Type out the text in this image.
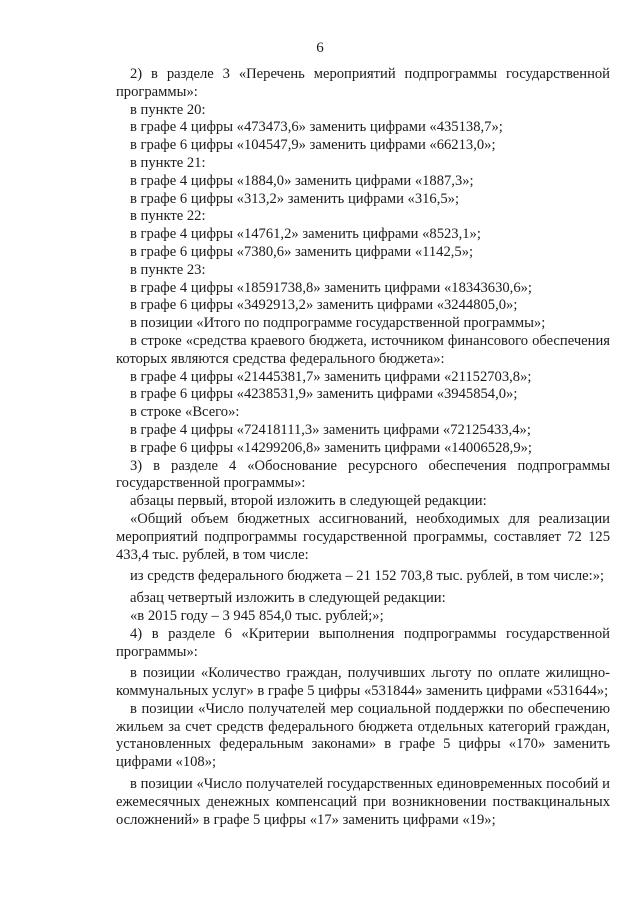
6

2) в разделе 3 «Перечень мероприятий подпрограммы государственной программы»:

в пункте 20:

в графе 4 цифры «473473,6» заменить цифрами «435138,7»;

в графе 6 цифры «104547,9» заменить цифрами «66213,0»;

в пункте 21:

в графе 4 цифры «1884,0» заменить цифрами «1887,3»;

в графе 6 цифры «313,2» заменить цифрами «316,5»;

в пункте 22:

в графе 4 цифры «14761,2» заменить цифрами «8523,1»;

в графе 6 цифры «7380,6» заменить цифрами «1142,5»;

в пункте 23:

в графе 4 цифры «18591738,8» заменить цифрами «18343630,6»;

в графе 6 цифры «3492913,2» заменить цифрами «3244805,0»;

в позиции «Итого по подпрограмме государственной программы»;

в строке «средства краевого бюджета, источником финансового обеспечения которых являются средства федерального бюджета»:

в графе 4 цифры «21445381,7» заменить цифрами «21152703,8»;

в графе 6 цифры «4238531,9» заменить цифрами «3945854,0»;

в строке «Всего»:

в графе 4 цифры «72418111,3» заменить цифрами «72125433,4»;

в графе 6 цифры «14299206,8» заменить цифрами «14006528,9»;

3) в разделе 4 «Обоснование ресурсного обеспечения подпрограммы государственной программы»:

абзацы первый, второй изложить в следующей редакции:

«Общий объем бюджетных ассигнований, необходимых для реализации мероприятий подпрограммы государственной программы, составляет 72 125 433,4 тыс. рублей, в том числе:

из средств федерального бюджета – 21 152 703,8 тыс. рублей, в том числе:»;

абзац четвертый изложить в следующей редакции:

«в 2015 году – 3 945 854,0 тыс. рублей;»;

4) в разделе 6 «Критерии выполнения подпрограммы государственной программы»:

в позиции «Количество граждан, получивших льготу по оплате жилищно-коммунальных услуг» в графе 5 цифры «531844» заменить цифрами «531644»;

в позиции «Число получателей мер социальной поддержки по обеспечению жильем за счет средств федерального бюджета отдельных категорий граждан, установленных федеральным законами» в графе 5 цифры «170» заменить цифрами «108»;

в позиции «Число получателей государственных единовременных пособий и ежемесячных денежных компенсаций при возникновении поствакцинальных осложнений» в графе 5 цифры «17» заменить цифрами «19»;
